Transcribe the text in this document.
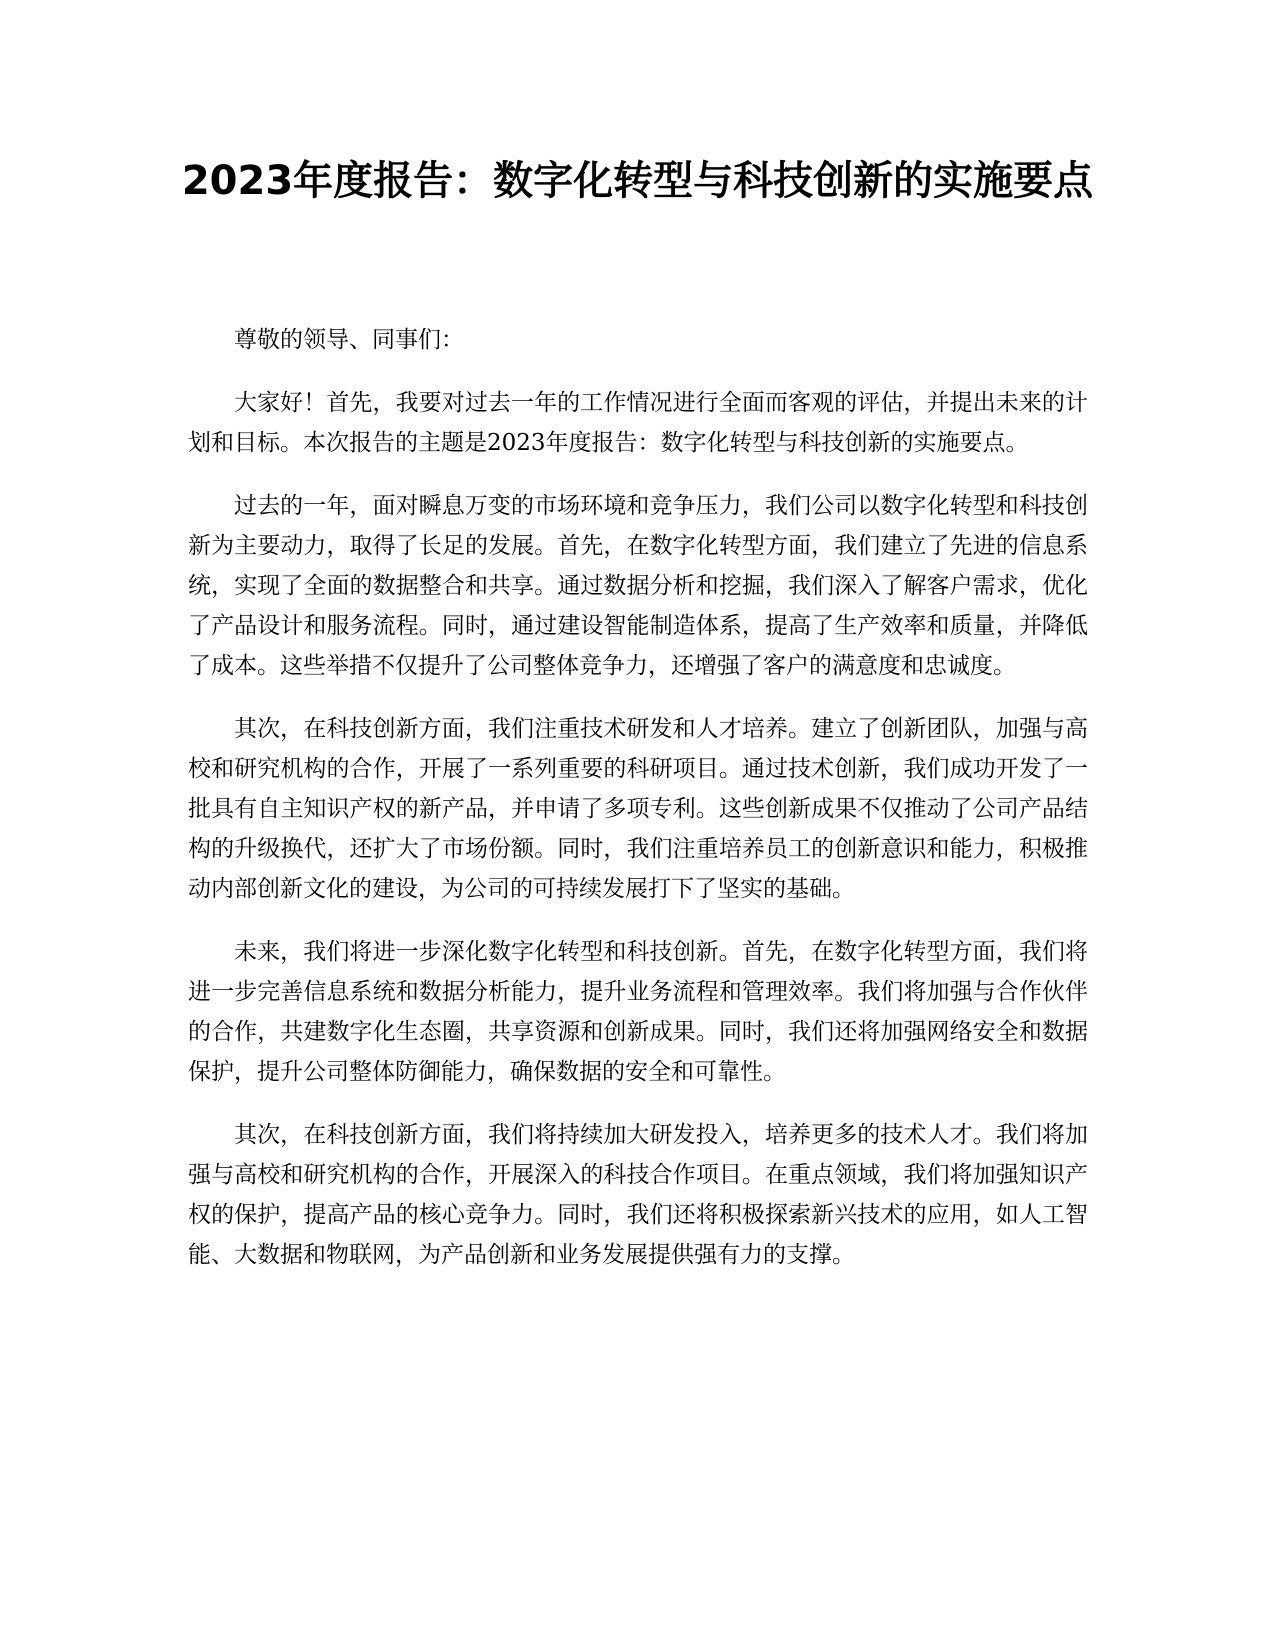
2023年度报告：数字化转型与科技创新的实施要点

尊敬的领导、同事们：

大家好！首先，我要对过去一年的工作情况进行全面而客观的评估，并提出未来的计划和目标。本次报告的主题是2023年度报告：数字化转型与科技创新的实施要点。

过去的一年，面对瞬息万变的市场环境和竞争压力，我们公司以数字化转型和科技创新为主要动力，取得了长足的发展。首先，在数字化转型方面，我们建立了先进的信息系统，实现了全面的数据整合和共享。通过数据分析和挖掘，我们深入了解客户需求，优化了产品设计和服务流程。同时，通过建设智能制造体系，提高了生产效率和质量，并降低了成本。这些举措不仅提升了公司整体竞争力，还增强了客户的满意度和忠诚度。

其次，在科技创新方面，我们注重技术研发和人才培养。建立了创新团队，加强与高校和研究机构的合作，开展了一系列重要的科研项目。通过技术创新，我们成功开发了一批具有自主知识产权的新产品，并申请了多项专利。这些创新成果不仅推动了公司产品结构的升级换代，还扩大了市场份额。同时，我们注重培养员工的创新意识和能力，积极推动内部创新文化的建设，为公司的可持续发展打下了坚实的基础。

未来，我们将进一步深化数字化转型和科技创新。首先，在数字化转型方面，我们将进一步完善信息系统和数据分析能力，提升业务流程和管理效率。我们将加强与合作伙伴的合作，共建数字化生态圈，共享资源和创新成果。同时，我们还将加强网络安全和数据保护，提升公司整体防御能力，确保数据的安全和可靠性。

其次，在科技创新方面，我们将持续加大研发投入，培养更多的技术人才。我们将加强与高校和研究机构的合作，开展深入的科技合作项目。在重点领域，我们将加强知识产权的保护，提高产品的核心竞争力。同时，我们还将积极探索新兴技术的应用，如人工智能、大数据和物联网，为产品创新和业务发展提供强有力的支撑。
